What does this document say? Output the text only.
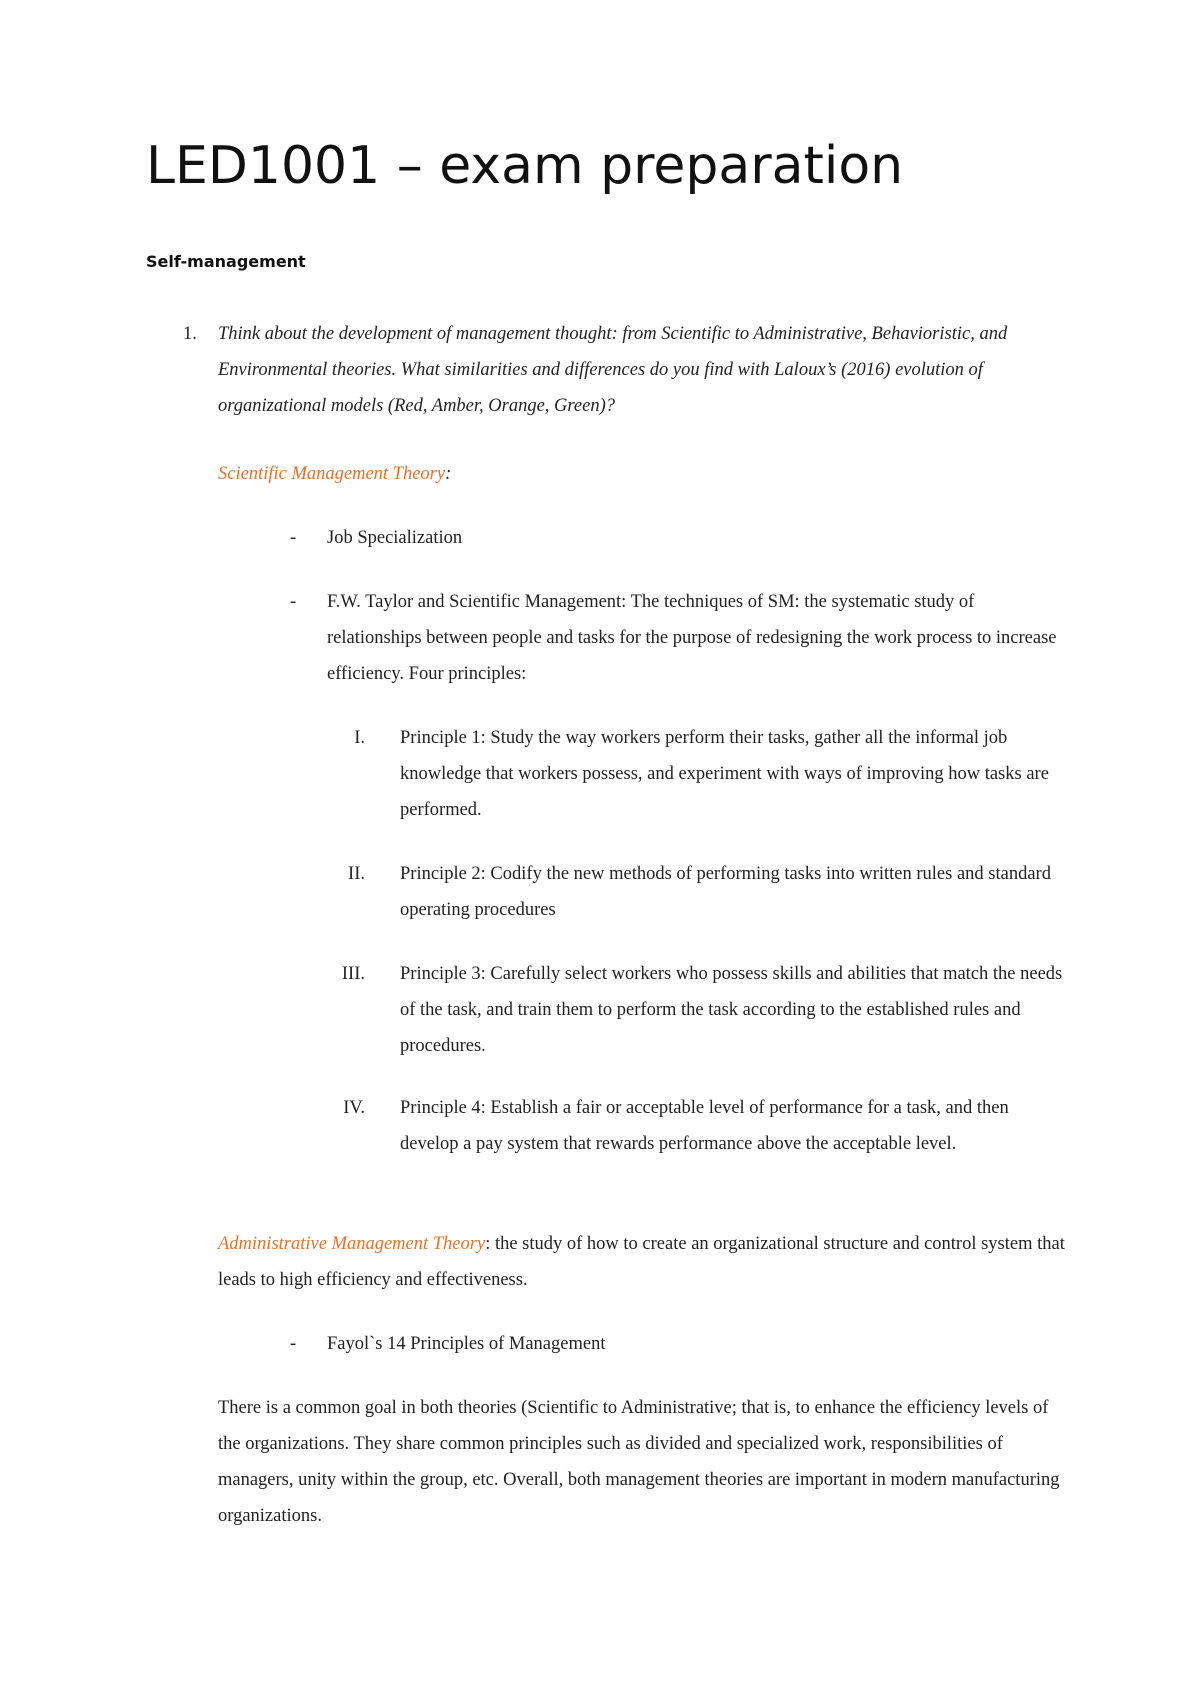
LED1001 – exam preparation

Self-management

1. Think about the development of management thought: from Scientific to Administrative, Behavioristic, and Environmental theories. What similarities and differences do you find with Laloux’s (2016) evolution of organizational models (Red, Amber, Orange, Green)?

Scientific Management Theory:

- Job Specialization

- F.W. Taylor and Scientific Management: The techniques of SM: the systematic study of relationships between people and tasks for the purpose of redesigning the work process to increase efficiency. Four principles:

I. Principle 1: Study the way workers perform their tasks, gather all the informal job knowledge that workers possess, and experiment with ways of improving how tasks are performed.

II. Principle 2: Codify the new methods of performing tasks into written rules and standard operating procedures

III. Principle 3: Carefully select workers who possess skills and abilities that match the needs of the task, and train them to perform the task according to the established rules and procedures.

IV. Principle 4: Establish a fair or acceptable level of performance for a task, and then develop a pay system that rewards performance above the acceptable level.

Administrative Management Theory: the study of how to create an organizational structure and control system that leads to high efficiency and effectiveness.

- Fayol`s 14 Principles of Management

There is a common goal in both theories (Scientific to Administrative; that is, to enhance the efficiency levels of the organizations. They share common principles such as divided and specialized work, responsibilities of managers, unity within the group, etc. Overall, both management theories are important in modern manufacturing organizations.
